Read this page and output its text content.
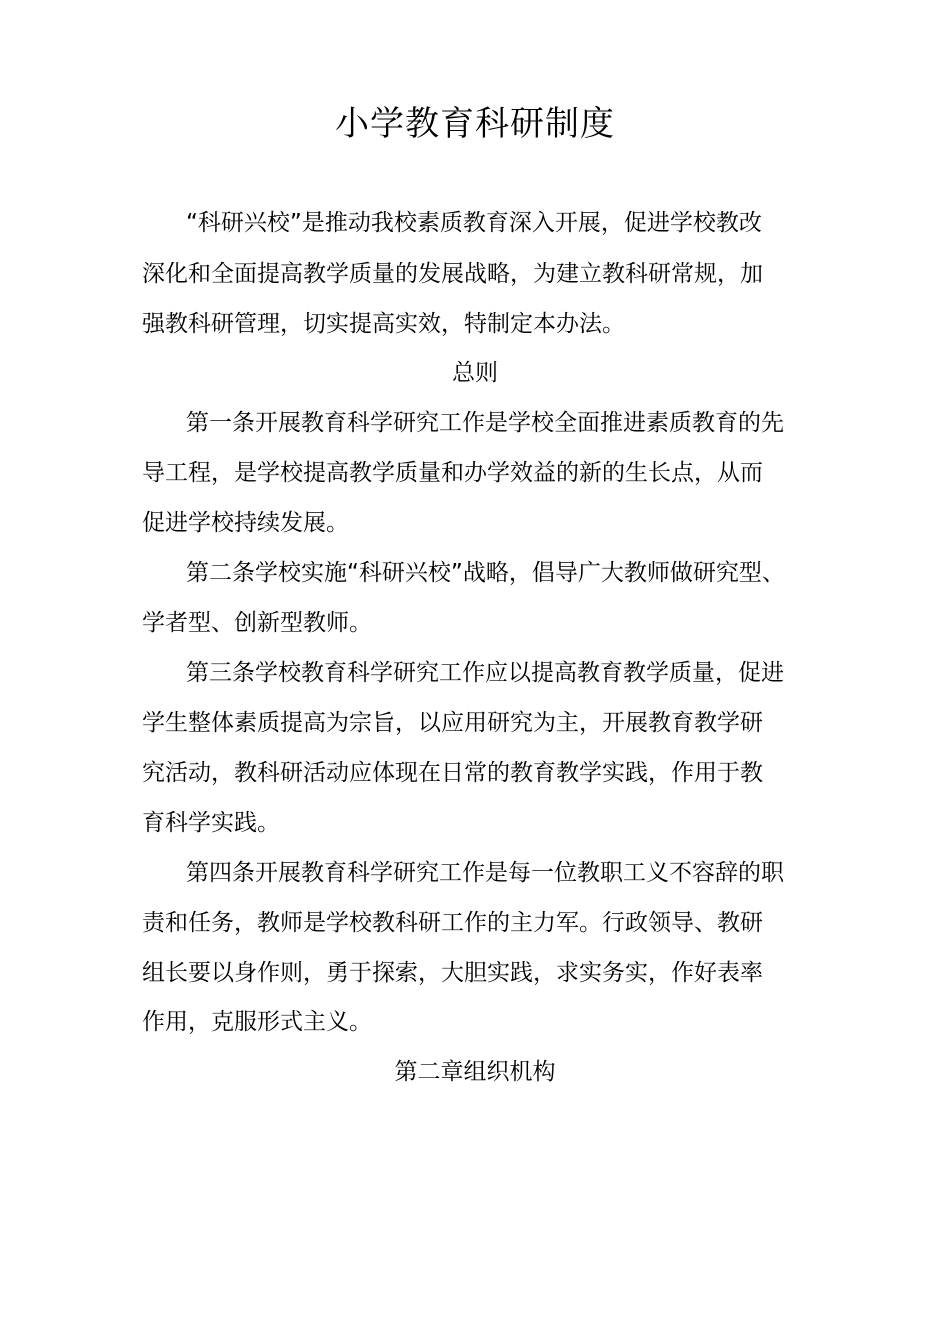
小学教育科研制度
“科研兴校”是推动我校素质教育深入开展，促进学校教改
深化和全面提高教学质量的发展战略，为建立教科研常规，加
强教科研管理，切实提高实效，特制定本办法。
总则
第一条开展教育科学研究工作是学校全面推进素质教育的先
导工程，是学校提高教学质量和办学效益的新的生长点，从而
促进学校持续发展。
第二条学校实施“科研兴校”战略，倡导广大教师做研究型、
学者型、创新型教师。
第三条学校教育科学研究工作应以提高教育教学质量，促进
学生整体素质提高为宗旨，以应用研究为主，开展教育教学研
究活动，教科研活动应体现在日常的教育教学实践，作用于教
育科学实践。
第四条开展教育科学研究工作是每一位教职工义不容辞的职
责和任务，教师是学校教科研工作的主力军。行政领导、教研
组长要以身作则，勇于探索，大胆实践，求实务实，作好表率
作用，克服形式主义。
第二章组织机构
